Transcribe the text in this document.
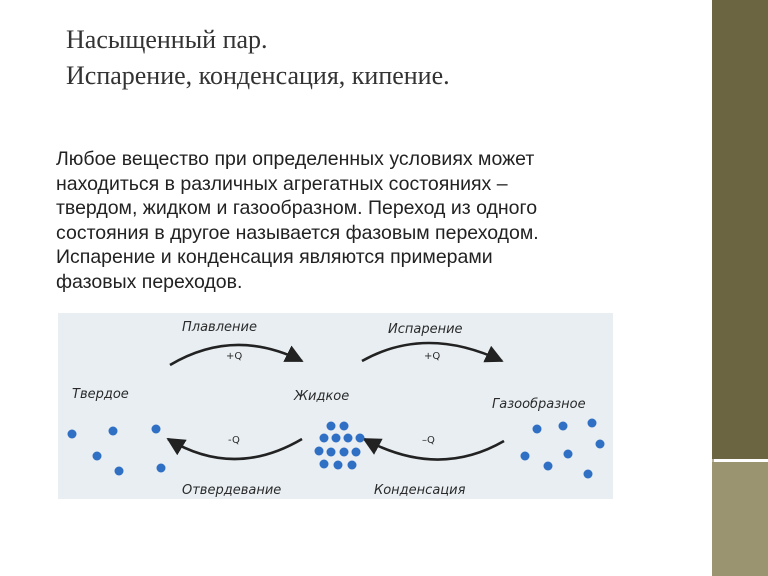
Насыщенный пар.
Испарение, конденсация, кипение.
Любое вещество при определенных условиях может
находиться в различных агрегатных состояниях –
твердом, жидком и газообразном. Переход из одного
состояния в другое называется фазовым переходом.
Испарение и конденсация являются примерами
фазовых переходов.
Плавление
+Q
Испарение
+Q
-Q
Отвердевание
–Q
Конденсация
Твердое	Жидкое
Газообразное
